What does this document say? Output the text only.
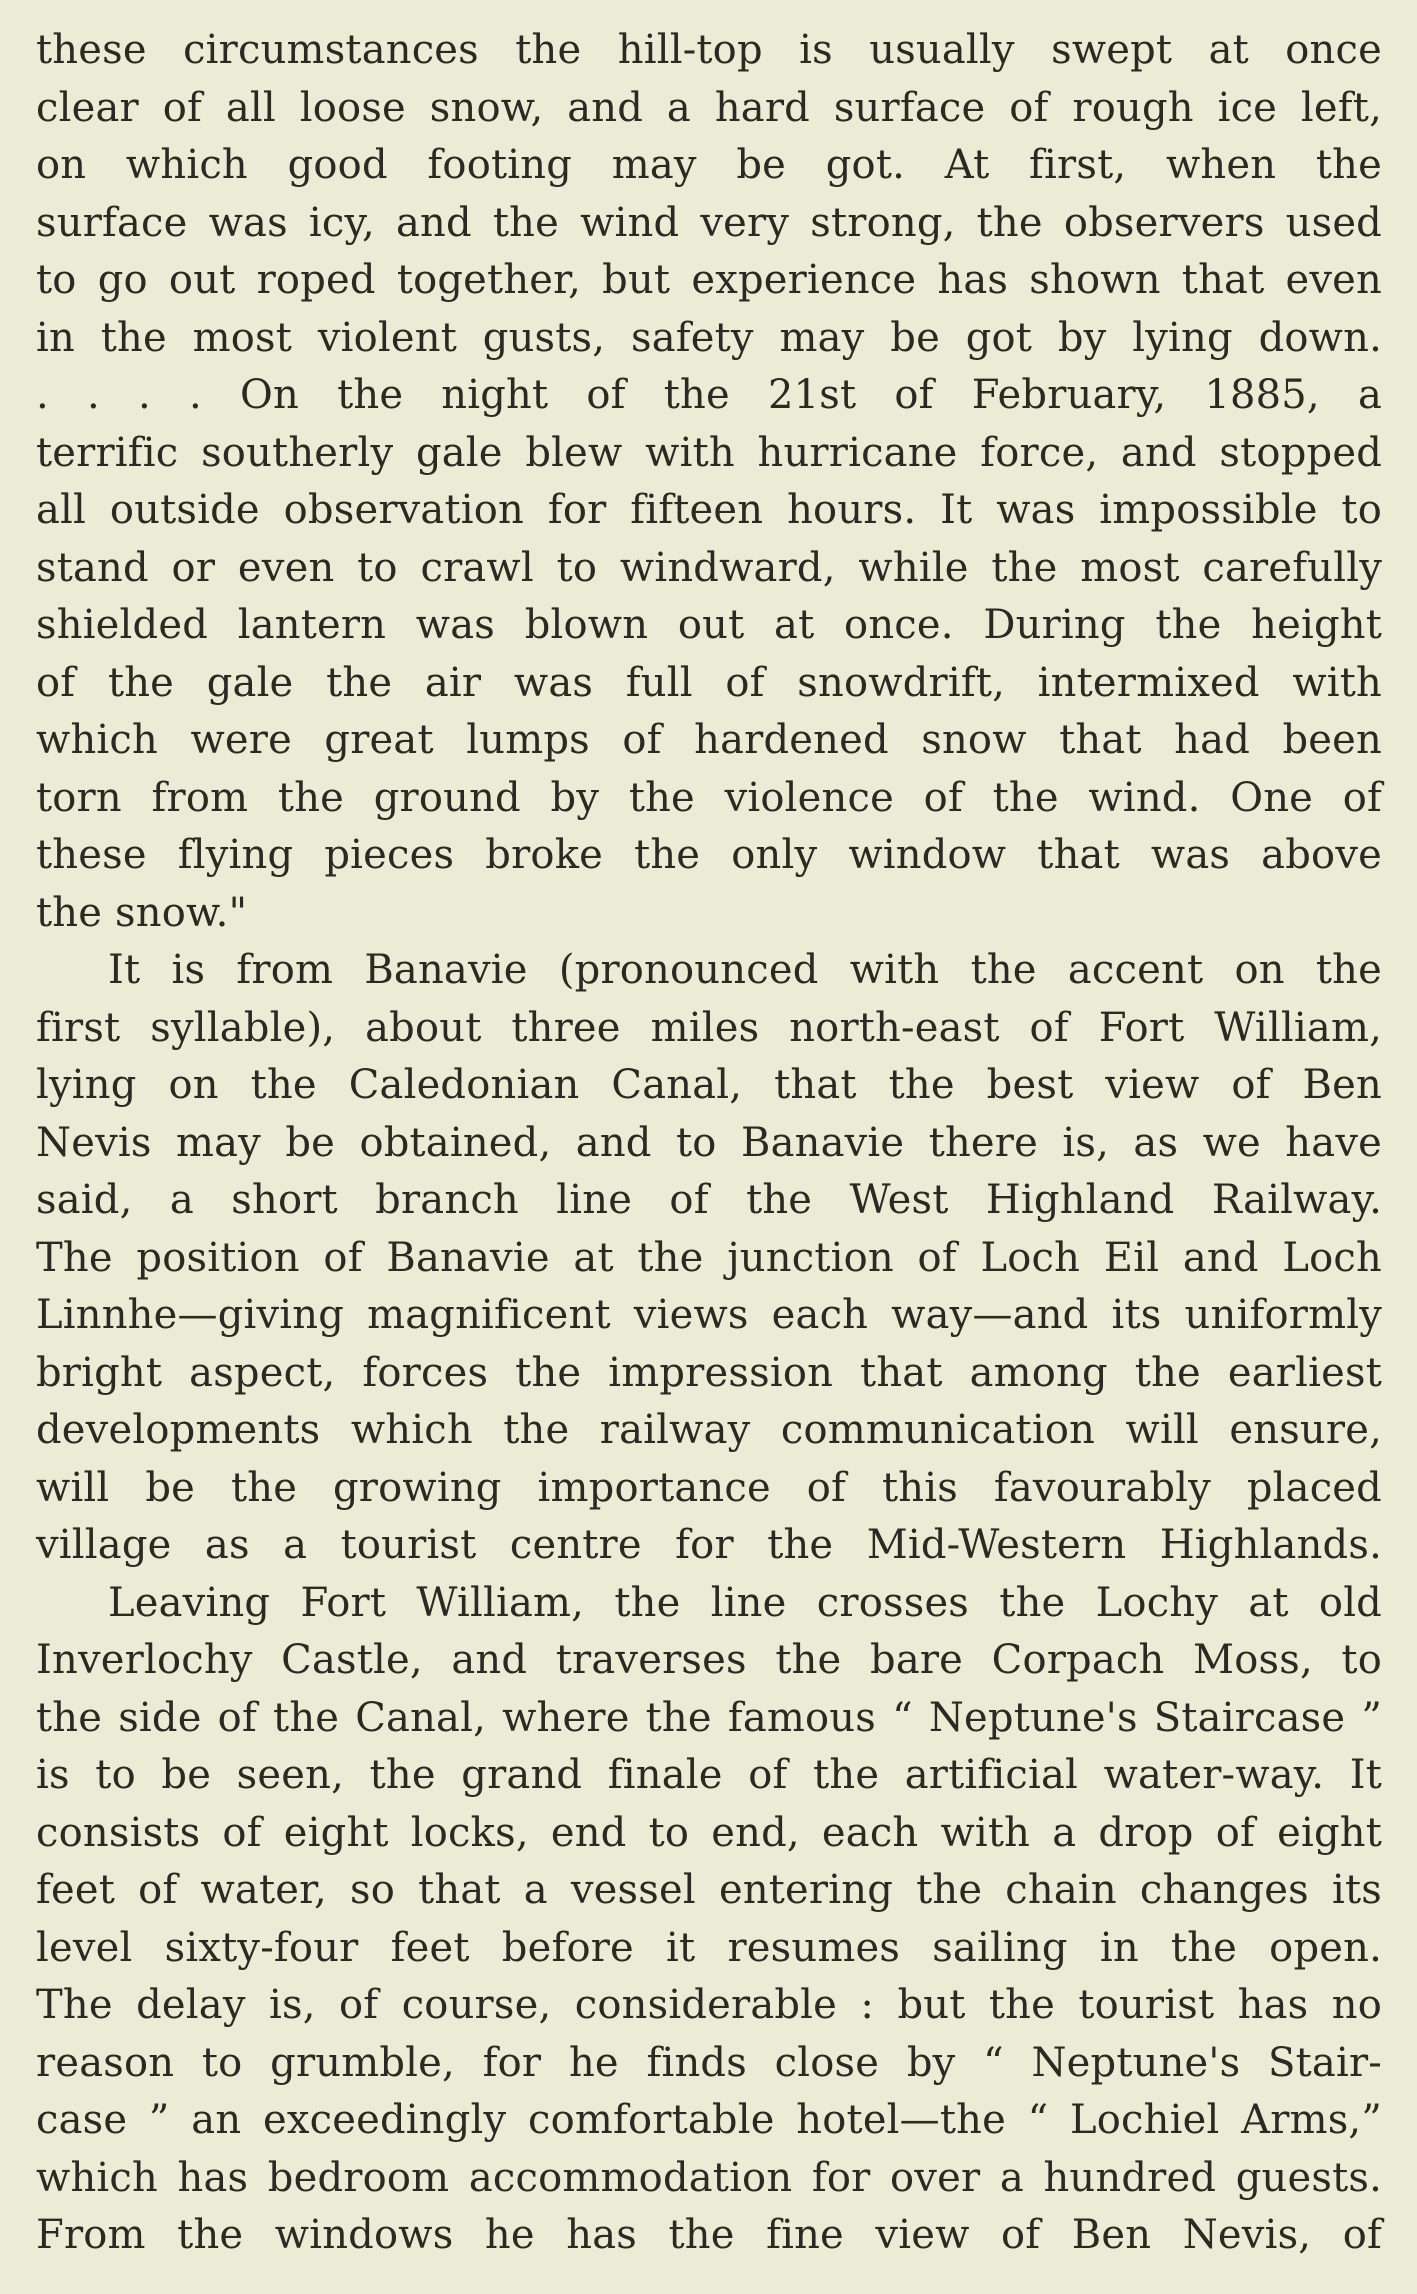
these circumstances the hill-top is usually swept at once
clear of all loose snow, and a hard surface of rough ice left,
on which good footing may be got. At first, when the
surface was icy, and the wind very strong, the observers used
to go out roped together, but experience has shown that even
in the most violent gusts, safety may be got by lying down.
. . . . On the night of the 21st of February, 1885, a
terrific southerly gale blew with hurricane force, and stopped
all outside observation for fifteen hours. It was impossible to
stand or even to crawl to windward, while the most carefully
shielded lantern was blown out at once. During the height
of the gale the air was full of snowdrift, intermixed with
which were great lumps of hardened snow that had been
torn from the ground by the violence of the wind. One of
these flying pieces broke the only window that was above
the snow."
It is from Banavie (pronounced with the accent on the
first syllable), about three miles north-east of Fort William,
lying on the Caledonian Canal, that the best view of Ben
Nevis may be obtained, and to Banavie there is, as we have
said, a short branch line of the West Highland Railway.
The position of Banavie at the junction of Loch Eil and Loch
Linnhe—giving magnificent views each way—and its uniformly
bright aspect, forces the impression that among the earliest
developments which the railway communication will ensure,
will be the growing importance of this favourably placed
village as a tourist centre for the Mid-Western Highlands.
Leaving Fort William, the line crosses the Lochy at old
Inverlochy Castle, and traverses the bare Corpach Moss, to
the side of the Canal, where the famous “ Neptune's Staircase ”
is to be seen, the grand finale of the artificial water-way. It
consists of eight locks, end to end, each with a drop of eight
feet of water, so that a vessel entering the chain changes its
level sixty-four feet before it resumes sailing in the open.
The delay is, of course, considerable : but the tourist has no
reason to grumble, for he finds close by “ Neptune's Stair-
case ” an exceedingly comfortable hotel—the “ Lochiel Arms,”
which has bedroom accommodation for over a hundred guests.
From the windows he has the fine view of Ben Nevis, of
